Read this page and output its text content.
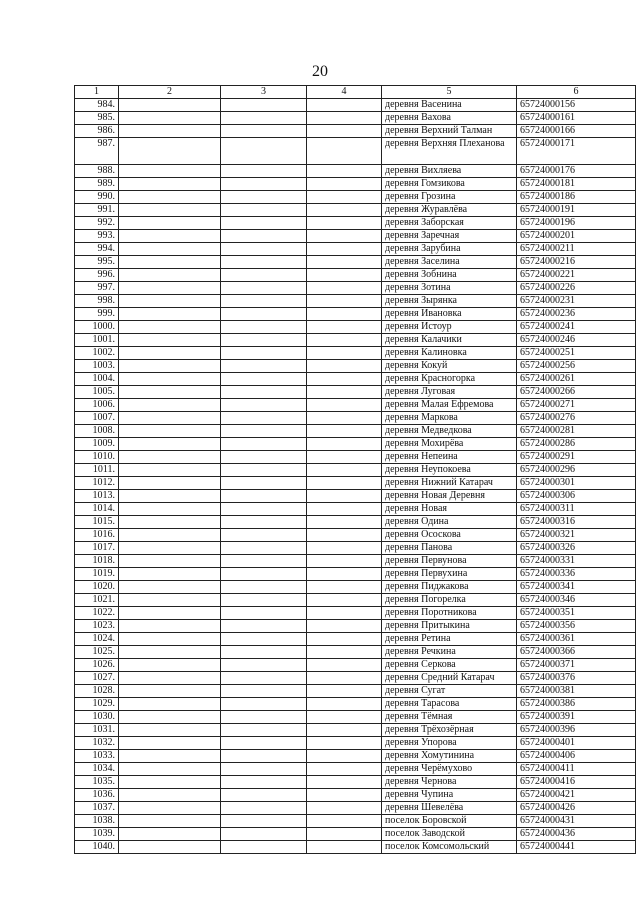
20
1	2	3	4	5	6
984.				деревня Васенина	65724000156
985.				деревня Вахова	65724000161
986.				деревня Верхний Талман	65724000166
987.				деревня Верхняя Плеханова	65724000171
988.				деревня Вихляева	65724000176
989.				деревня Гомзикова	65724000181
990.				деревня Грозина	65724000186
991.				деревня Журавлёва	65724000191
992.				деревня Заборская	65724000196
993.				деревня Заречная	65724000201
994.				деревня Зарубина	65724000211
995.				деревня Заселина	65724000216
996.				деревня Зобнина	65724000221
997.				деревня Зотина	65724000226
998.				деревня Зырянка	65724000231
999.				деревня Ивановка	65724000236
1000.				деревня Истоур	65724000241
1001.				деревня Калачики	65724000246
1002.				деревня Калиновка	65724000251
1003.				деревня Кокуй	65724000256
1004.				деревня Красногорка	65724000261
1005.				деревня Луговая	65724000266
1006.				деревня Малая Ефремова	65724000271
1007.				деревня Маркова	65724000276
1008.				деревня Медведкова	65724000281
1009.				деревня Мохирёва	65724000286
1010.				деревня Непеина	65724000291
1011.				деревня Неупокоева	65724000296
1012.				деревня Нижний Катарач	65724000301
1013.				деревня Новая Деревня	65724000306
1014.				деревня Новая	65724000311
1015.				деревня Одина	65724000316
1016.				деревня Ососкова	65724000321
1017.				деревня Панова	65724000326
1018.				деревня Первунова	65724000331
1019.				деревня Первухина	65724000336
1020.				деревня Пиджакова	65724000341
1021.				деревня Погорелка	65724000346
1022.				деревня Поротникова	65724000351
1023.				деревня Притыкина	65724000356
1024.				деревня Ретина	65724000361
1025.				деревня Речкина	65724000366
1026.				деревня Серкова	65724000371
1027.				деревня Средний Катарач	65724000376
1028.				деревня Сугат	65724000381
1029.				деревня Тарасова	65724000386
1030.				деревня Тёмная	65724000391
1031.				деревня Трёхозёрная	65724000396
1032.				деревня Упорова	65724000401
1033.				деревня Хомутинина	65724000406
1034.				деревня Черёмухово	65724000411
1035.				деревня Чернова	65724000416
1036.				деревня Чупина	65724000421
1037.				деревня Шевелёва	65724000426
1038.				поселок Боровской	65724000431
1039.				поселок Заводской	65724000436
1040.				поселок Комсомольский	65724000441
